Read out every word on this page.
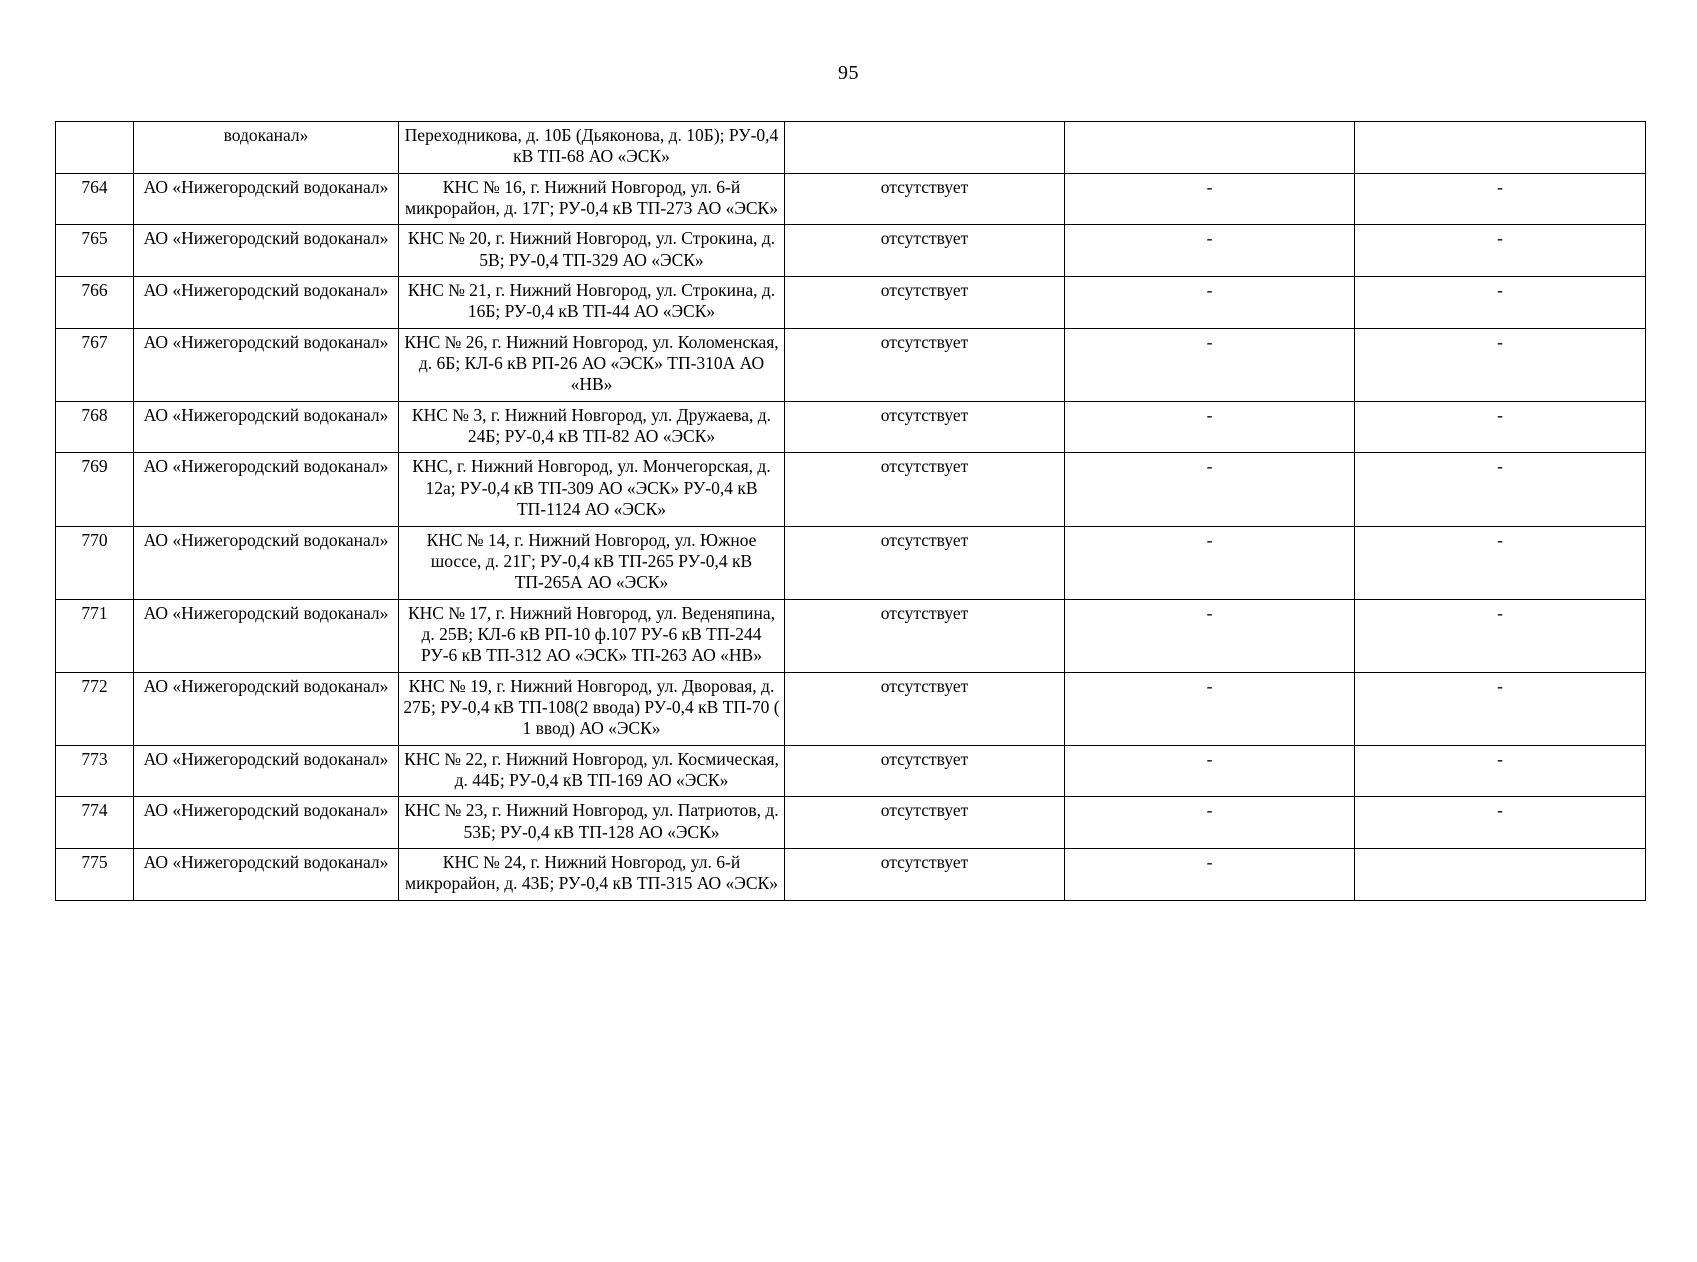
95
	водоканал»	Переходникова, д. 10Б (Дьяконова, д. 10Б); РУ-0,4 кВ ТП-68 АО «ЭСК»			
764	АО «Нижегородский водоканал»	КНС № 16, г. Нижний Новгород, ул. 6-й микрорайон, д. 17Г; РУ-0,4 кВ ТП-273 АО «ЭСК»	отсутствует	-	-
765	АО «Нижегородский водоканал»	КНС № 20, г. Нижний Новгород, ул. Строкина, д. 5В; РУ-0,4 ТП-329 АО «ЭСК»	отсутствует	-	-
766	АО «Нижегородский водоканал»	КНС № 21, г. Нижний Новгород, ул. Строкина, д. 16Б; РУ-0,4 кВ ТП-44 АО «ЭСК»	отсутствует	-	-
767	АО «Нижегородский водоканал»	КНС № 26, г. Нижний Новгород, ул. Коломенская, д. 6Б; КЛ-6 кВ РП-26 АО «ЭСК» ТП-310А АО «НВ»	отсутствует	-	-
768	АО «Нижегородский водоканал»	КНС № 3, г. Нижний Новгород, ул. Дружаева, д. 24Б; РУ-0,4 кВ ТП-82 АО «ЭСК»	отсутствует	-	-
769	АО «Нижегородский водоканал»	КНС, г. Нижний Новгород, ул. Мончегорская, д. 12а; РУ-0,4 кВ ТП-309 АО «ЭСК» РУ-0,4 кВ ТП-1124 АО «ЭСК»	отсутствует	-	-
770	АО «Нижегородский водоканал»	КНС № 14, г. Нижний Новгород, ул. Южное шоссе, д. 21Г; РУ-0,4 кВ ТП-265 РУ-0,4 кВ ТП-265А АО «ЭСК»	отсутствует	-	-
771	АО «Нижегородский водоканал»	КНС № 17, г. Нижний Новгород, ул. Веденяпина, д. 25В; КЛ-6 кВ РП-10 ф.107 РУ-6 кВ ТП-244 РУ-6 кВ ТП-312 АО «ЭСК» ТП-263 АО «НВ»	отсутствует	-	-
772	АО «Нижегородский водоканал»	КНС № 19, г. Нижний Новгород, ул. Дворовая, д. 27Б; РУ-0,4 кВ ТП-108(2 ввода) РУ-0,4 кВ ТП-70 ( 1 ввод) АО «ЭСК»	отсутствует	-	-
773	АО «Нижегородский водоканал»	КНС № 22, г. Нижний Новгород, ул. Космическая, д. 44Б; РУ-0,4 кВ ТП-169 АО «ЭСК»	отсутствует	-	-
774	АО «Нижегородский водоканал»	КНС № 23, г. Нижний Новгород, ул. Патриотов, д. 53Б; РУ-0,4 кВ ТП-128 АО «ЭСК»	отсутствует	-	-
775	АО «Нижегородский водоканал»	КНС № 24, г. Нижний Новгород, ул. 6-й микрорайон, д. 43Б; РУ-0,4 кВ ТП-315 АО «ЭСК»	отсутствует	-	
